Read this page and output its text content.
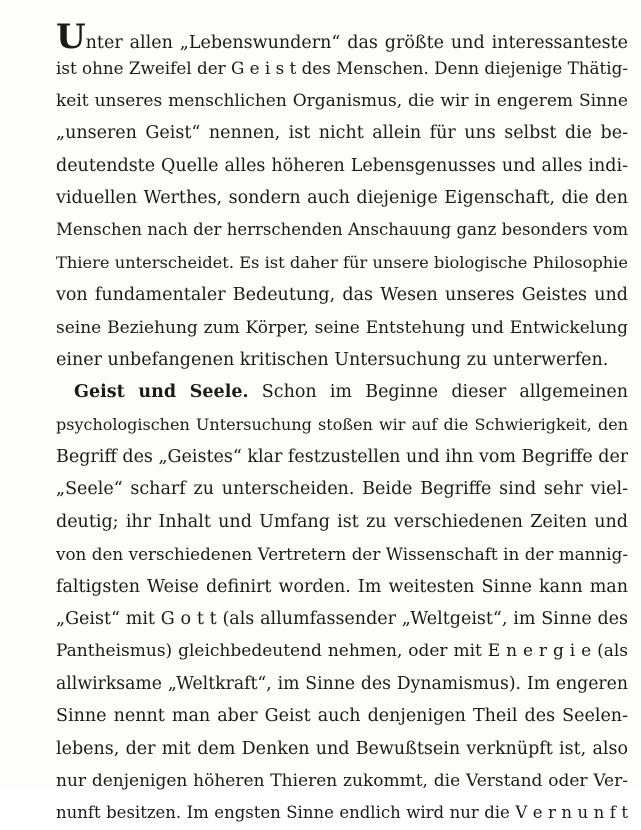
Unter allen „Lebenswundern“ das größte und interessanteste
ist ohne Zweifel der G e i s t des Menschen. Denn diejenige Thätig-
keit unseres menschlichen Organismus, die wir in engerem Sinne
„unseren Geist“ nennen, ist nicht allein für uns selbst die be-
deutendste Quelle alles höheren Lebensgenusses und alles indi-
viduellen Werthes, sondern auch diejenige Eigenschaft, die den
Menschen nach der herrschenden Anschauung ganz besonders vom
Thiere unterscheidet. Es ist daher für unsere biologische Philosophie
von fundamentaler Bedeutung, das Wesen unseres Geistes und
seine Beziehung zum Körper, seine Entstehung und Entwickelung
einer unbefangenen kritischen Untersuchung zu unterwerfen.
Geist und Seele. Schon im Beginne dieser allgemeinen
psychologischen Untersuchung stoßen wir auf die Schwierigkeit, den
Begriff des „Geistes“ klar festzustellen und ihn vom Begriffe der
„Seele“ scharf zu unterscheiden. Beide Begriffe sind sehr viel-
deutig; ihr Inhalt und Umfang ist zu verschiedenen Zeiten und
von den verschiedenen Vertretern der Wissenschaft in der mannig-
faltigsten Weise definirt worden. Im weitesten Sinne kann man
„Geist“ mit G o t t (als allumfassender „Weltgeist“, im Sinne des
Pantheismus) gleichbedeutend nehmen, oder mit E n e r g i e (als
allwirksame „Weltkraft“, im Sinne des Dynamismus). Im engeren
Sinne nennt man aber Geist auch denjenigen Theil des Seelen-
lebens, der mit dem Denken und Bewußtsein verknüpft ist, also
nur denjenigen höheren Thieren zukommt, die Verstand oder Ver-
nunft besitzen. Im engsten Sinne endlich wird nur die V e r n u n f t
